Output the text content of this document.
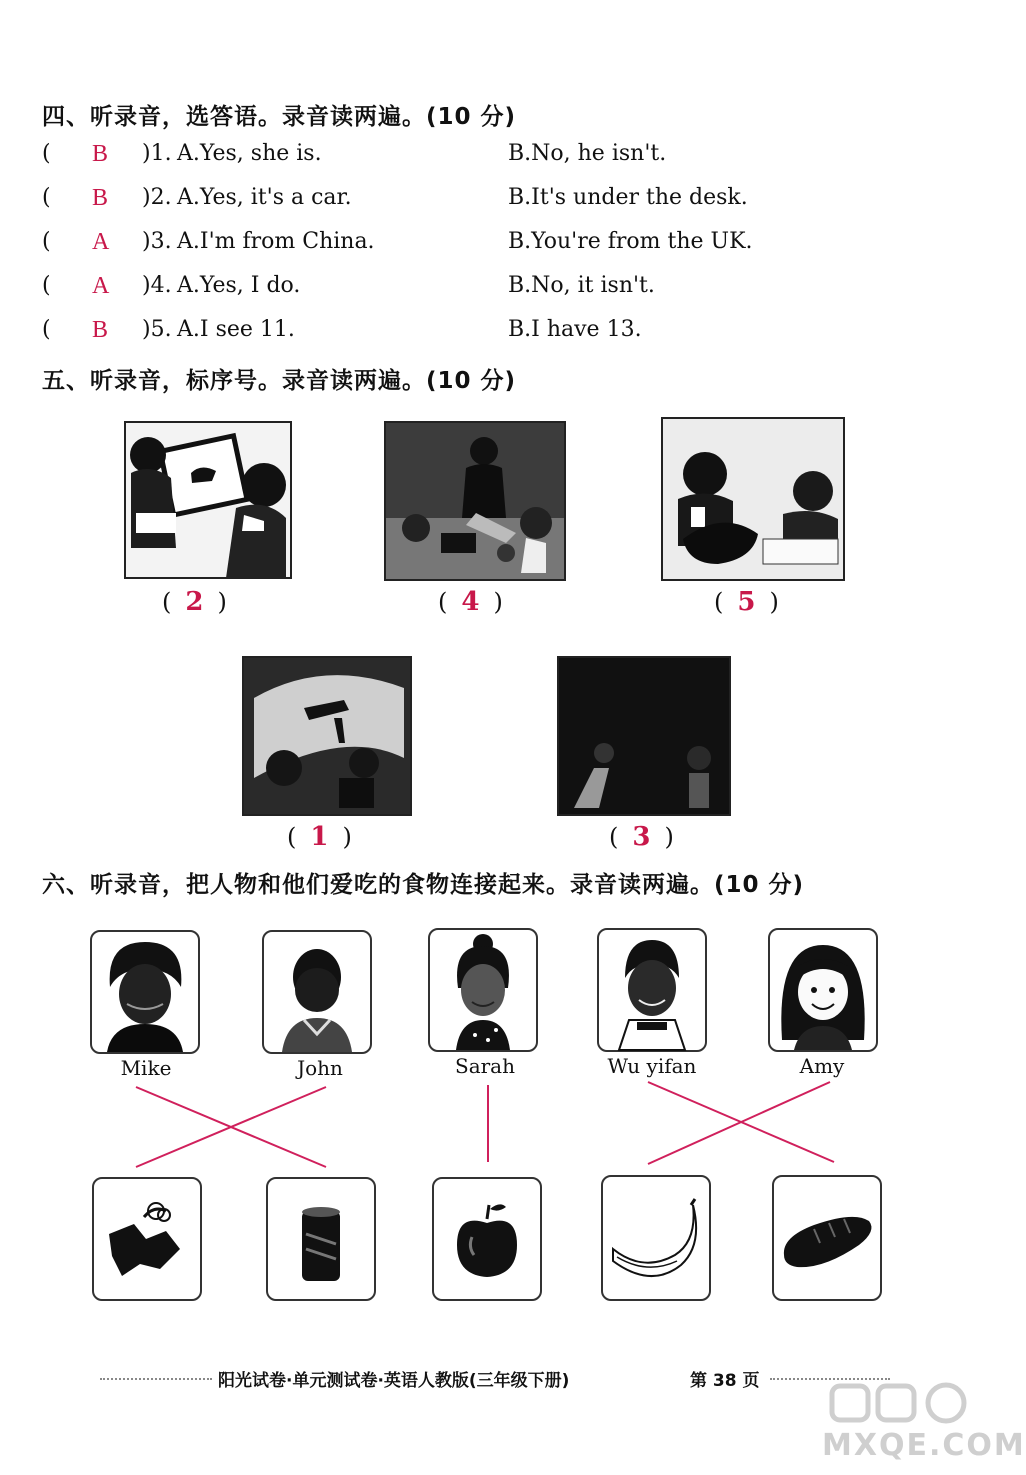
四、听录音，选答语。录音读两遍。(10 分)
( B )1. A.Yes, she is.	B.No, he isn't.
( B )2. A.Yes, it's a car.	B.It's under the desk.
( A )3. A.I'm from China.	B.You're from the UK.
( A )4. A.Yes, I do.	B.No, it isn't.
( B )5. A.I see 11.	B.I have 13.
五、听录音，标序号。录音读两遍。(10 分)
( 2 )	( 4 )	( 5 )
( 1 )	( 3 )
六、听录音，把人物和他们爱吃的食物连接起来。录音读两遍。(10 分)
Mike	John	Sarah	Wu yifan	Amy
阳光试卷·单元测试卷·英语人教版(三年级下册)	第 38 页
MXQE.COM
